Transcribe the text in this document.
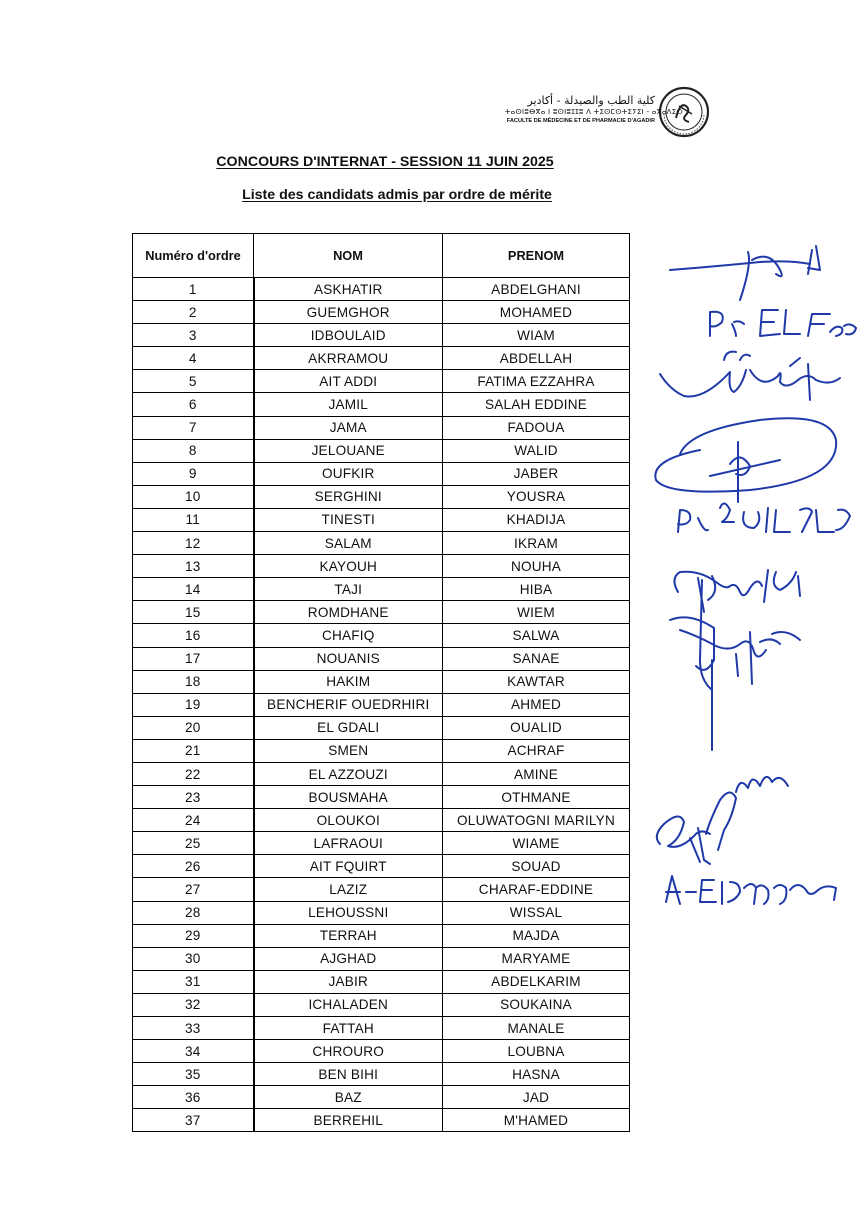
كلية الطب والصيدلة - أكادير
ⵜⴰⵙⵏⵓⴱⴳⴰ ⵏ ⵓⵙⵏⵓⵊⵊⵓ ⴷ ⵜⵉⵙⵎⵙⵜⵉⵢⵉⵏ - ⴰⴳⴰⴷⵉⵔ
FACULTE DE MÉDECINE ET DE PHARMACIE D'AGADIR
CONCOURS D'INTERNAT - SESSION 11 JUIN 2025
Liste des candidats admis par ordre de mérite
Numéro d'ordre	NOM	PRENOM
1	ASKHATIR	ABDELGHANI
2	GUEMGHOR	MOHAMED
3	IDBOULAID	WIAM
4	AKRRAMOU	ABDELLAH
5	AIT ADDI	FATIMA EZZAHRA
6	JAMIL	SALAH EDDINE
7	JAMA	FADOUA
8	JELOUANE	WALID
9	OUFKIR	JABER
10	SERGHINI	YOUSRA
11	TINESTI	KHADIJA
12	SALAM	IKRAM
13	KAYOUH	NOUHA
14	TAJI	HIBA
15	ROMDHANE	WIEM
16	CHAFIQ	SALWA
17	NOUANIS	SANAE
18	HAKIM	KAWTAR
19	BENCHERIF OUEDRHIRI	AHMED
20	EL GDALI	OUALID
21	SMEN	ACHRAF
22	EL AZZOUZI	AMINE
23	BOUSMAHA	OTHMANE
24	OLOUKOI	OLUWATOGNI MARILYN
25	LAFRAOUI	WIAME
26	AIT FQUIRT	SOUAD
27	LAZIZ	CHARAF-EDDINE
28	LEHOUSSNI	WISSAL
29	TERRAH	MAJDA
30	AJGHAD	MARYAME
31	JABIR	ABDELKARIM
32	ICHALADEN	SOUKAINA
33	FATTAH	MANALE
34	CHROURO	LOUBNA
35	BEN BIHI	HASNA
36	BAZ	JAD
37	BERREHIL	M'HAMED
